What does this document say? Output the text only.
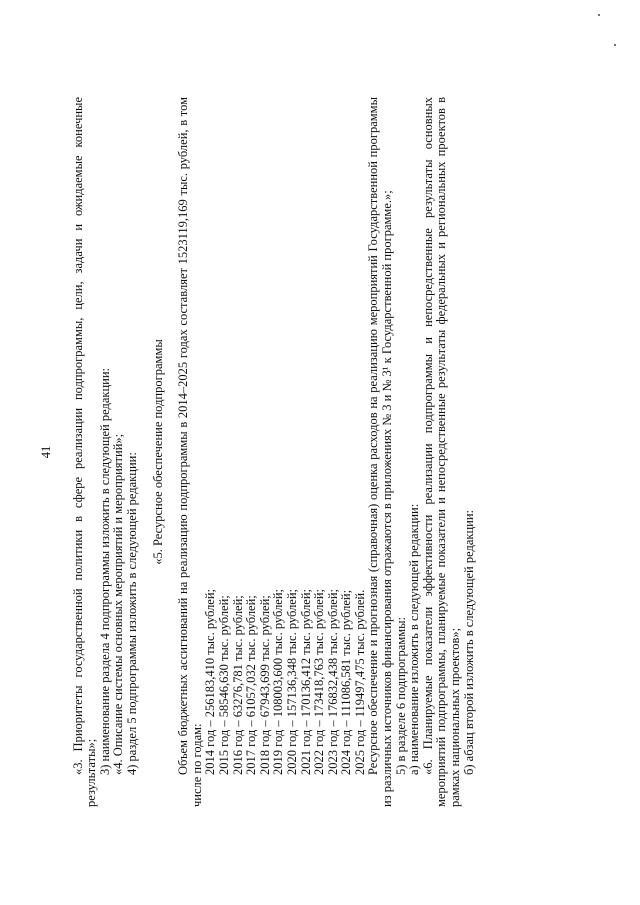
41 «3. Приоритеты государственной политики в сфере реализации подпрограммы, цели, задачи и ожидаемые конечные результаты»; 3) наименование раздела 4 подпрограммы изложить в следующей редакции: «4. Описание системы основных мероприятий и мероприятий»; 4) раздел 5 подпрограммы изложить в следующей редакции:

«5. Ресурсное обеспечение подпрограммы Объем бюджетных ассигнований на реализацию подпрограммы в 2014–2025 годах составляет 1523119,169 тыс. рублей, в том числе по годам: 2014 год – 256183,410 тыс. рублей; 2015 год – 58546,630 тыс. рублей; 2016 год – 63276,781 тыс. рублей; 2017 год – 61057,032 тыс. рублей; 2018 год – 67943,699 тыс. рублей; 2019 год – 108003,600 тыс. рублей; 2020 год – 157136,348 тыс. рублей; 2021 год – 170136,412 тыс. рублей; 2022 год – 173418,763 тыс. рублей; 2023 год – 176832,438 тыс. рублей; 2024 год – 111086,581 тыс. рублей; 2025 год – 119497,475 тыс. рублей. Ресурсное обеспечение и прогнозная (справочная) оценка расходов на реализацию мероприятий Государственной программы из различных источников финансирования отражаются в приложениях № 3 и № 3¹ к Государственной программе.»; 5) в разделе 6 подпрограммы: а) наименование изложить в следующей редакции: «6. Планируемые показатели эффективности реализации подпрограммы и непосредственные результаты основных мероприятий подпрограммы, планируемые показатели и непосредственные результаты федеральных и региональных проектов в рамках национальных проектов»; б) абзац второй изложить в следующей редакции:
